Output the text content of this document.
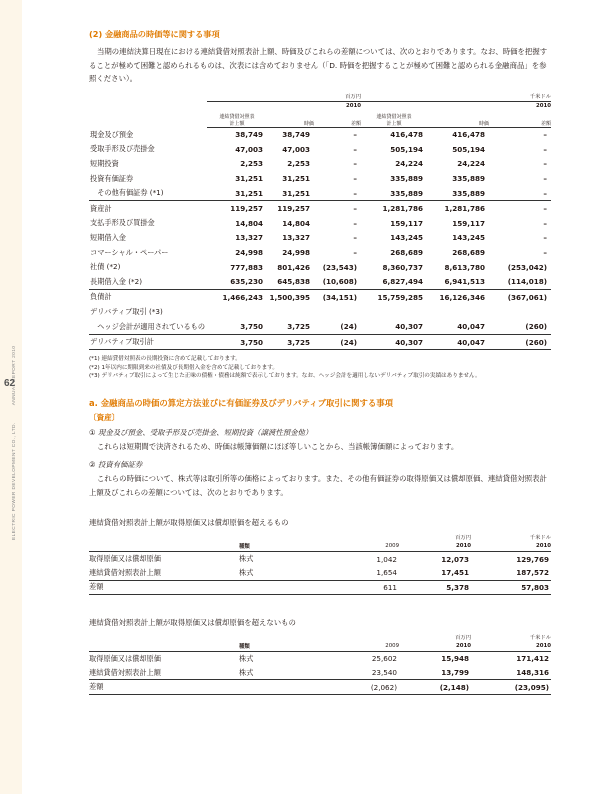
ELECTRIC POWER DEVELOPMENT CO., LTD.          ANNUAL REPORT 2010
62
(2) 金融商品の時価等に関する事項

当期の連結決算日現在における連結貸借対照表計上額、時価及びこれらの差額については、次のとおりであります。なお、時価を把握することが極めて困難と認められるものは、次表には含めておりません（「D. 時価を把握することが極めて困難と認められる金融商品」を参照ください）。

			百万円			千米ドル
			2010			2010
	連結貸借対照表
計上額	時価	差額	連結貸借対照表
計上額	時価	差額
現金及び預金	38,749	38,749	–	416,478	416,478	–
受取手形及び売掛金	47,003	47,003	–	505,194	505,194	–
短期投資	2,253	2,253	–	24,224	24,224	–
投資有価証券	31,251	31,251	–	335,889	335,889	–
　その他有価証券 (*1)	31,251	31,251	–	335,889	335,889	–
資産計	119,257	119,257	–	1,281,786	1,281,786	–
支払手形及び買掛金	14,804	14,804	–	159,117	159,117	–
短期借入金	13,327	13,327	–	143,245	143,245	–
コマーシャル・ペーパー	24,998	24,998	–	268,689	268,689	–
社債 (*2)	777,883	801,426	(23,543)	8,360,737	8,613,780	(253,042)
長期借入金 (*2)	635,230	645,838	(10,608)	6,827,494	6,941,513	(114,018)
負債計	1,466,243	1,500,395	(34,151)	15,759,285	16,126,346	(367,061)
デリバティブ取引 (*3)						
　ヘッジ会計が適用されているもの	3,750	3,725	(24)	40,307	40,047	(260)
デリバティブ取引計	3,750	3,725	(24)	40,307	40,047	(260)
(*1) 連結貸借対照表の長期投資に含めて記載しております。
(*2) 1年以内に期限到来の社債及び長期借入金を含めて記載しております。
(*3) デリバティブ取引によって生じた正味の債権・債務は純額で表示しております。なお、ヘッジ会計を適用しないデリバティブ取引の実績はありません。
a. 金融商品の時価の算定方法並びに有価証券及びデリバティブ取引に関する事項
〔資産〕
① 現金及び預金、受取手形及び売掛金、短期投資（譲渡性預金他）

これらは短期間で決済されるため、時価は帳簿価額にほぼ等しいことから、当該帳簿価額によっております。

② 投資有価証券

これらの時価について、株式等は取引所等の価格によっております。また、その他有価証券の取得原価又は償却原価、連結貸借対照表計上額及びこれらの差額については、次のとおりであります。

連結貸借対照表計上額が取得原価又は償却原価を超えるもの
			百万円	千米ドル
	種類	2009	2010	2010
取得原価又は償却原価	株式	1,042	12,073	129,769
連結貸借対照表計上額	株式	1,654	17,451	187,572
差額		611	5,378	57,803
連結貸借対照表計上額が取得原価又は償却原価を超えないもの
			百万円	千米ドル
	種類	2009	2010	2010
取得原価又は償却原価	株式	25,602	15,948	171,412
連結貸借対照表計上額	株式	23,540	13,799	148,316
差額		(2,062)	(2,148)	(23,095)
